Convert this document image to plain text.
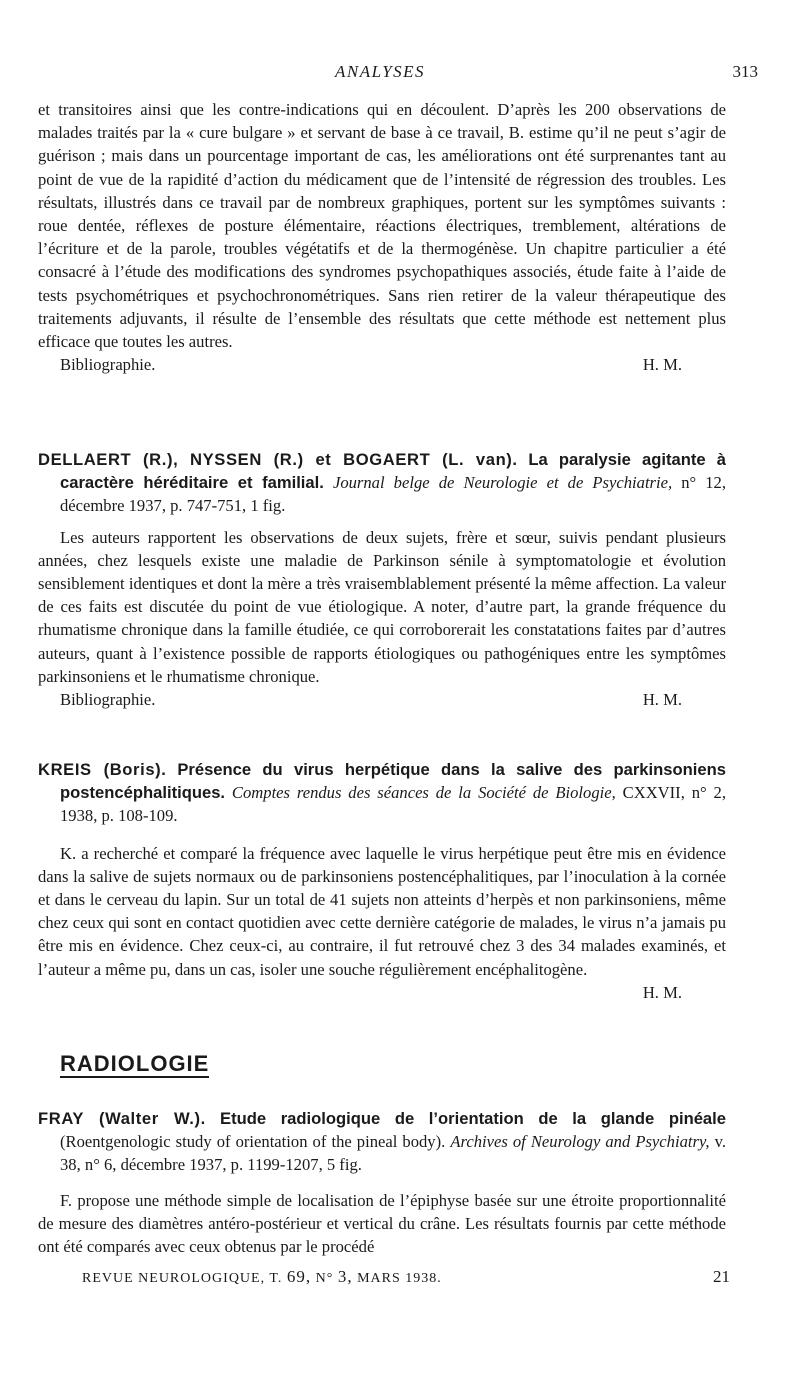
ANALYSES	313

et transitoires ainsi que les contre-indications qui en découlent. D’après les 200 observations de malades traités par la « cure bulgare » et servant de base à ce travail, B. estime qu’il ne peut s’agir de guérison ; mais dans un pourcentage important de cas, les améliorations ont été surprenantes tant au point de vue de la rapidité d’action du médicament que de l’intensité de régression des troubles. Les résultats, illustrés dans ce travail par de nombreux graphiques, portent sur les symptômes suivants : roue dentée, réflexes de posture élémentaire, réactions électriques, tremblement, altérations de l’écriture et de la parole, troubles végétatifs et de la thermogénèse. Un chapitre particulier a été consacré à l’étude des modifications des syndromes psychopathiques associés, étude faite à l’aide de tests psychométriques et psychochronométriques. Sans rien retirer de la valeur thérapeutique des traitements adjuvants, il résulte de l’ensemble des résultats que cette méthode est nettement plus efficace que toutes les autres.

Bibliographie.	H. M.

DELLAERT (R.), NYSSEN (R.) et BOGAERT (L. van). La paralysie agitante à caractère héréditaire et familial. Journal belge de Neurologie et de Psychiatrie, n° 12, décembre 1937, p. 747-751, 1 fig.

Les auteurs rapportent les observations de deux sujets, frère et sœur, suivis pendant plusieurs années, chez lesquels existe une maladie de Parkinson sénile à symptomatologie et évolution sensiblement identiques et dont la mère a très vraisemblablement présenté la même affection. La valeur de ces faits est discutée du point de vue étiologique. A noter, d’autre part, la grande fréquence du rhumatisme chronique dans la famille étudiée, ce qui corroborerait les constatations faites par d’autres auteurs, quant à l’existence possible de rapports étiologiques ou pathogéniques entre les symptômes parkinsoniens et le rhumatisme chronique.

Bibliographie.	H. M.

KREIS (Boris). Présence du virus herpétique dans la salive des parkinsoniens postencéphalitiques. Comptes rendus des séances de la Société de Biologie, CXXVII, n° 2, 1938, p. 108-109.

K. a recherché et comparé la fréquence avec laquelle le virus herpétique peut être mis en évidence dans la salive de sujets normaux ou de parkinsoniens postencéphalitiques, par l’inoculation à la cornée et dans le cerveau du lapin. Sur un total de 41 sujets non atteints d’herpès et non parkinsoniens, même chez ceux qui sont en contact quotidien avec cette dernière catégorie de malades, le virus n’a jamais pu être mis en évidence. Chez ceux-ci, au contraire, il fut retrouvé chez 3 des 34 malades examinés, et l’auteur a même pu, dans un cas, isoler une souche régulièrement encéphalitogène.

H. M.
RADIOLOGIE

FRAY (Walter W.). Etude radiologique de l’orientation de la glande pinéale (Roentgenologic study of orientation of the pineal body). Archives of Neurology and Psychiatry, v. 38, n° 6, décembre 1937, p. 1199-1207, 5 fig.

F. propose une méthode simple de localisation de l’épiphyse basée sur une étroite proportionnalité de mesure des diamètres antéro-postérieur et vertical du crâne. Les résultats fournis par cette méthode ont été comparés avec ceux obtenus par le procédé

REVUE NEUROLOGIQUE, T. 69, N° 3, MARS 1938.	21
